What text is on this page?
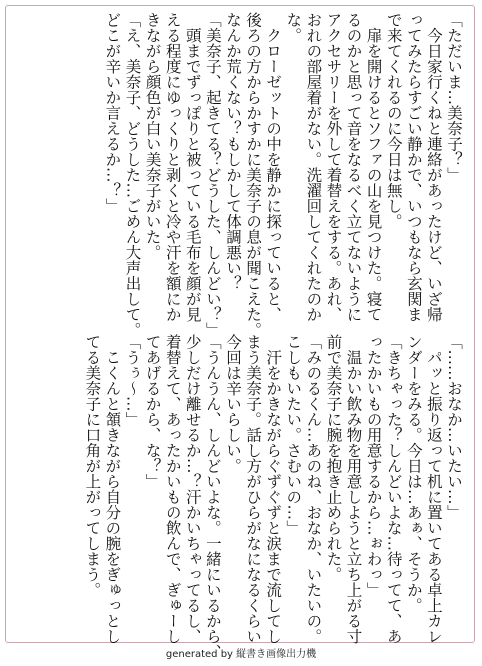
「ただいま…美奈子？」
　今日家行くねと連絡があったけど、いざ帰
ってみたらすごい静かで、いつもなら玄関ま
で来てくれるのに今日は無し。
　扉を開けるとソファの山を見つけた。寝て
るのかと思って音をなるべく立てないように
アクセサリーを外して着替えをする。あれ、
おれの部屋着がない。洗濯回してくれたのか
な。
　クローゼットの中を静かに探っていると、
後ろの方からかすかに美奈子の息が聞こえた。
なんか荒くない？もしかして体調悪い？
「美奈子、起きてる？どうした、しんどい？」
　頭までずっぽりと被っている毛布を顔が見
える程度にゆっくりと剥くと冷や汗を額にか
きながら顔色が白い美奈子がいた。
「え、美奈子、どうした…ごめん大声出して。
どこが辛いか言えるか…？」
「……おなか…いたい…」
　パッと振り返って机に置いてある卓上カレ
ンダーをみる。今日は…あぁ、そうか。
「きちゃった？しんどいよな…待ってて、あ
ったかいもの用意するから…ぉわっ」
　温かい飲み物を用意しようと立ち上がる寸
前で美奈子に腕を抱き止められた。
「みのるくん…あのね、おなか、いたいの。
こしもいたい。さむいの…」
　汗をかきながらぐずぐずと涙まで流してし
まう美奈子。話し方がひらがなになるくらい
今回は辛いらしい。
「うんうん、しんどいよな。一緒にいるから、
少しだけ離せるか…？汗かいちゃってるし、
着替えて、あったかいもの飲んで、ぎゅーし
てあげるから、な？」
「うぅ〜…」
　こくんと頷きながら自分の腕をぎゅっとし
てる美奈子に口角が上がってしまう。
generated by 縦書き画像出力機
